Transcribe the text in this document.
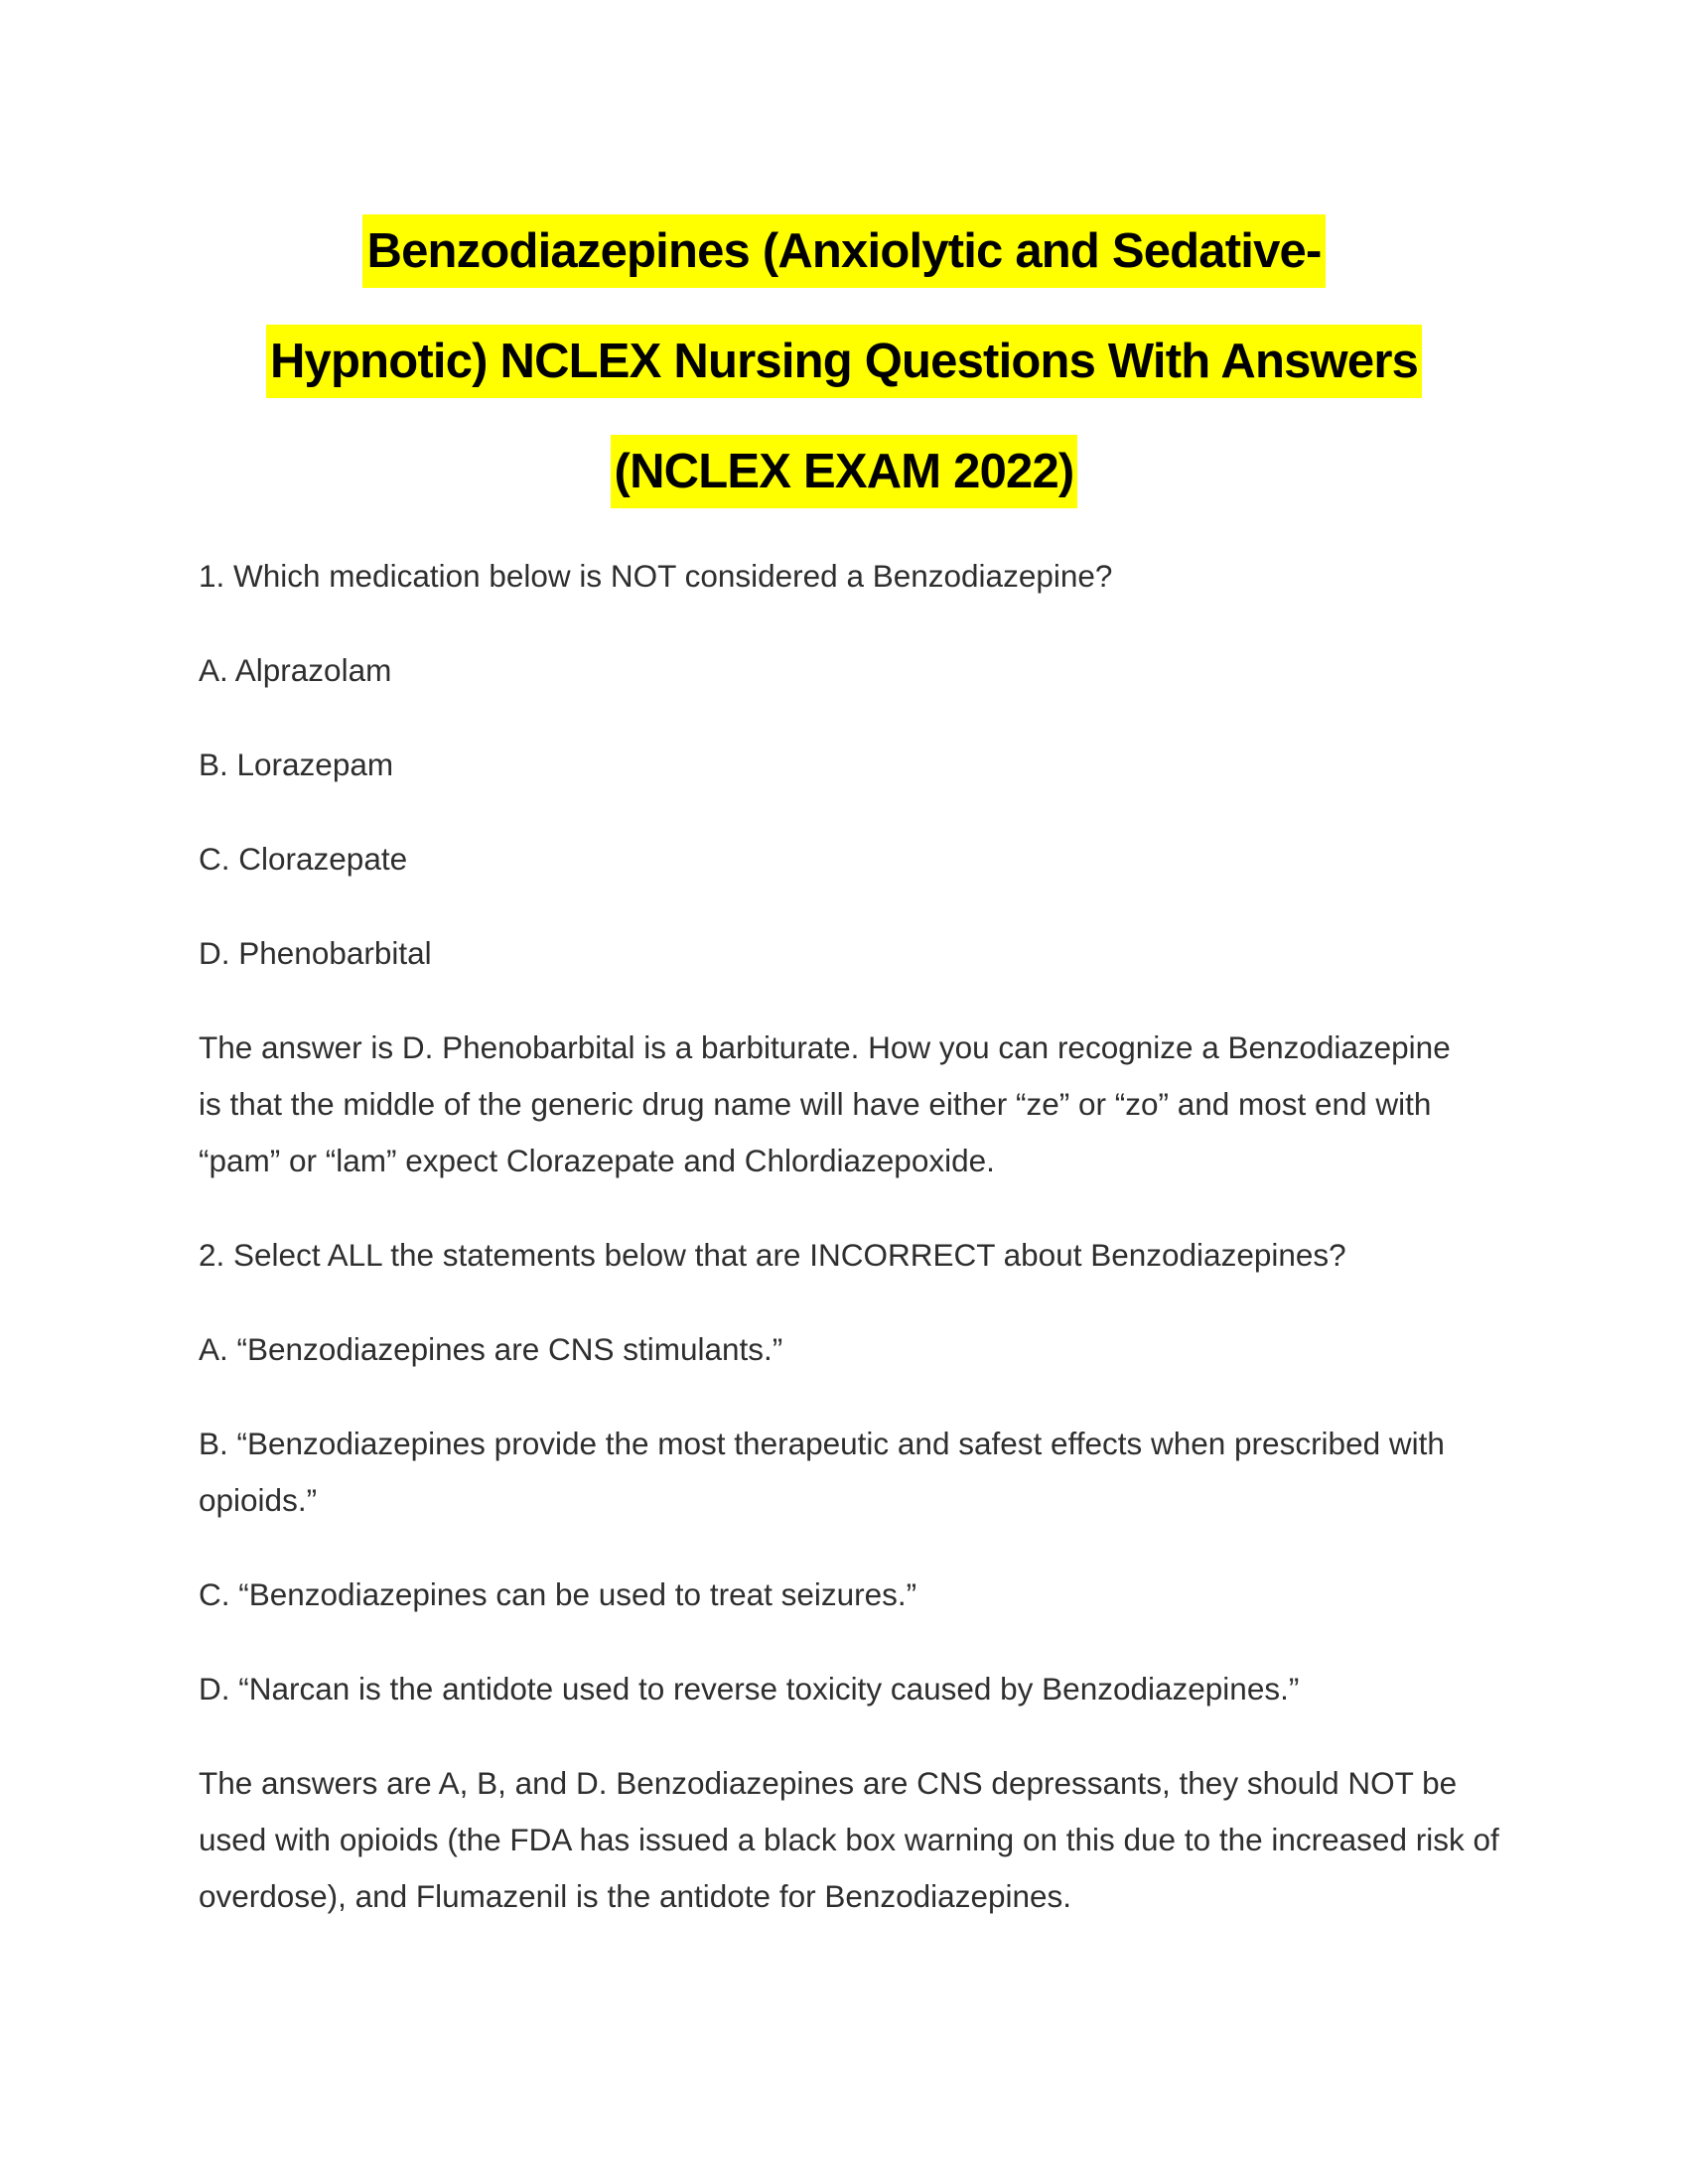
Benzodiazepines (Anxiolytic and Sedative-
Hypnotic) NCLEX Nursing Questions With Answers
(NCLEX EXAM 2022)

1. Which medication below is NOT considered a Benzodiazepine?

A. Alprazolam

B. Lorazepam

C. Clorazepate

D. Phenobarbital

The answer is D. Phenobarbital is a barbiturate. How you can recognize a Benzodiazepine is that the middle of the generic drug name will have either “ze” or “zo” and most end with “pam” or “lam” expect Clorazepate and Chlordiazepoxide.

2. Select ALL the statements below that are INCORRECT about Benzodiazepines?

A. “Benzodiazepines are CNS stimulants.”

B. “Benzodiazepines provide the most therapeutic and safest effects when prescribed with opioids.”

C. “Benzodiazepines can be used to treat seizures.”

D. “Narcan is the antidote used to reverse toxicity caused by Benzodiazepines.”

The answers are A, B, and D. Benzodiazepines are CNS depressants, they should NOT be used with opioids (the FDA has issued a black box warning on this due to the increased risk of overdose), and Flumazenil is the antidote for Benzodiazepines.
